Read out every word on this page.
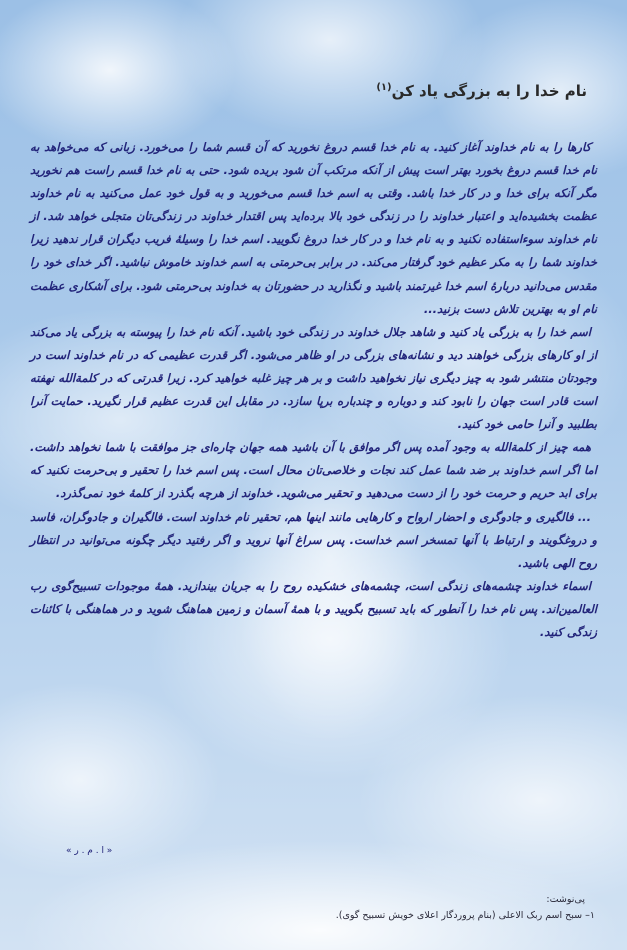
نام خدا را به بزرگی یاد کن$^{(۱)}$

کارها را به نام خداوند آغاز کنید. به نام خدا قسم دروغ نخورید که آن قسم شما را می‌خورد. زبانی که می‌خواهد به نام خدا قسم دروغ بخورد بهتر است پیش از آنکه مرتکب آن شود بریده شود. حتی به نام خدا قسم راست هم نخورید مگر آنکه برای خدا و در کار خدا باشد. وقتی به اسم خدا قسم می‌خورید و به قول خود عمل می‌کنید به نام خداوند عظمت بخشیده‌اید و اعتبار خداوند را در زندگی خود بالا برده‌اید پس اقتدار خداوند در زندگی‌تان متجلی خواهد شد. از نام خداوند سوءاستفاده نکنید و به نام خدا و در کار خدا دروغ نگویید. اسم خدا را وسیلهٔ فریب دیگران قرار ندهید زیرا خداوند شما را به مکر عظیم خود گرفتار می‌کند. در برابر بی‌حرمتی به اسم خداوند خاموش نباشید. اگر خدای خود را مقدس می‌دانید دربارهٔ اسم خدا غیرتمند باشید و نگذارید در حضورتان به خداوند بی‌حرمتی شود. برای آشکاری عظمت نام او به بهترین تلاش دست بزنید...

اسم خدا را به بزرگی یاد کنید و شاهد جلال خداوند در زندگی خود باشید. آنکه نام خدا را پیوسته به بزرگی یاد می‌کند از او کارهای بزرگی خواهند دید و نشانه‌های بزرگی در او ظاهر می‌شود. اگر قدرت عظیمی که در نام خداوند است در وجودتان منتشر شود به چیز دیگری نیاز نخواهید داشت و بر هر چیز غلبه خواهید کرد. زیرا قدرتی که در کلمةالله نهفته است قادر است جهان را نابود کند و دوباره و چندباره برپا سازد. در مقابل این قدرت عظیم قرار نگیرید. حمایت آنرا بطلبید و آنرا حامی خود کنید.

همه چیز از کلمةالله به وجود آمده پس اگر موافق با آن باشید همه جهان چاره‌ای جز موافقت با شما نخواهد داشت. اما اگر اسم خداوند بر ضد شما عمل کند نجات و خلاصی‌تان محال است. پس اسم خدا را تحقیر و بی‌حرمت نکنید که برای ابد حریم و حرمت خود را از دست می‌دهید و تحقیر می‌شوید. خداوند از هرچه بگذرد از کلمهٔ خود نمی‌گذرد.

... فالگیری و جادوگری و احضار ارواح و کارهایی مانند اینها هم، تحقیر نام خداوند است. فالگیران و جادوگران، فاسد و دروغگویند و ارتباط با آنها تمسخر اسم خداست. پس سراغ آنها نروید و اگر رفتید دیگر چگونه می‌توانید در انتظار روح الهی باشید.

اسماء خداوند چشمه‌های زندگی است، چشمه‌های خشکیده روح را به جریان بیندازید. همهٔ موجودات تسبیح‌گوی رب العالمین‌اند. پس نام خدا را آنطور که باید تسبیح بگویید و با همهٔ آسمان و زمین هماهنگ شوید و در هماهنگی با کائنات زندگی کنید.

« ا . م . ر »
پی‌نوشت:
۱– سبح اسم ربک الاعلی (بنام پروردگار اعلای خویش تسبیح گوی).
